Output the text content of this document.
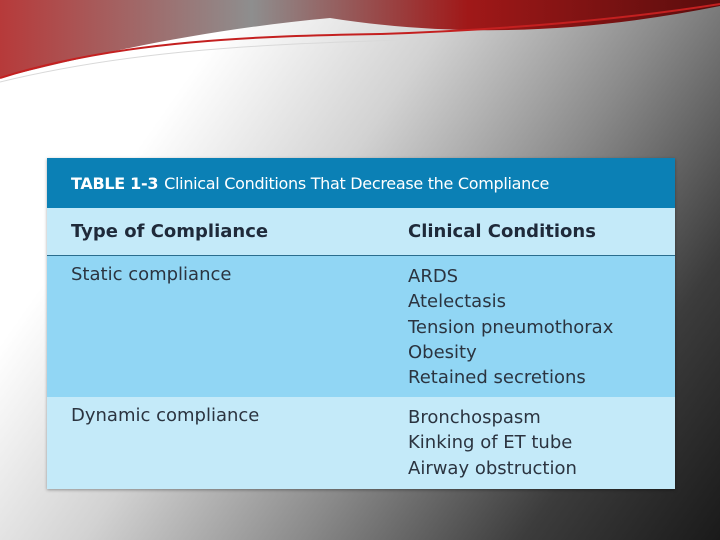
TABLE 1-3 Clinical Conditions That Decrease the Compliance
Type of Compliance	Clinical Conditions
Static compliance	ARDS
Atelectasis
Tension pneumothorax
Obesity
Retained secretions
Dynamic compliance	Bronchospasm
Kinking of ET tube
Airway obstruction
